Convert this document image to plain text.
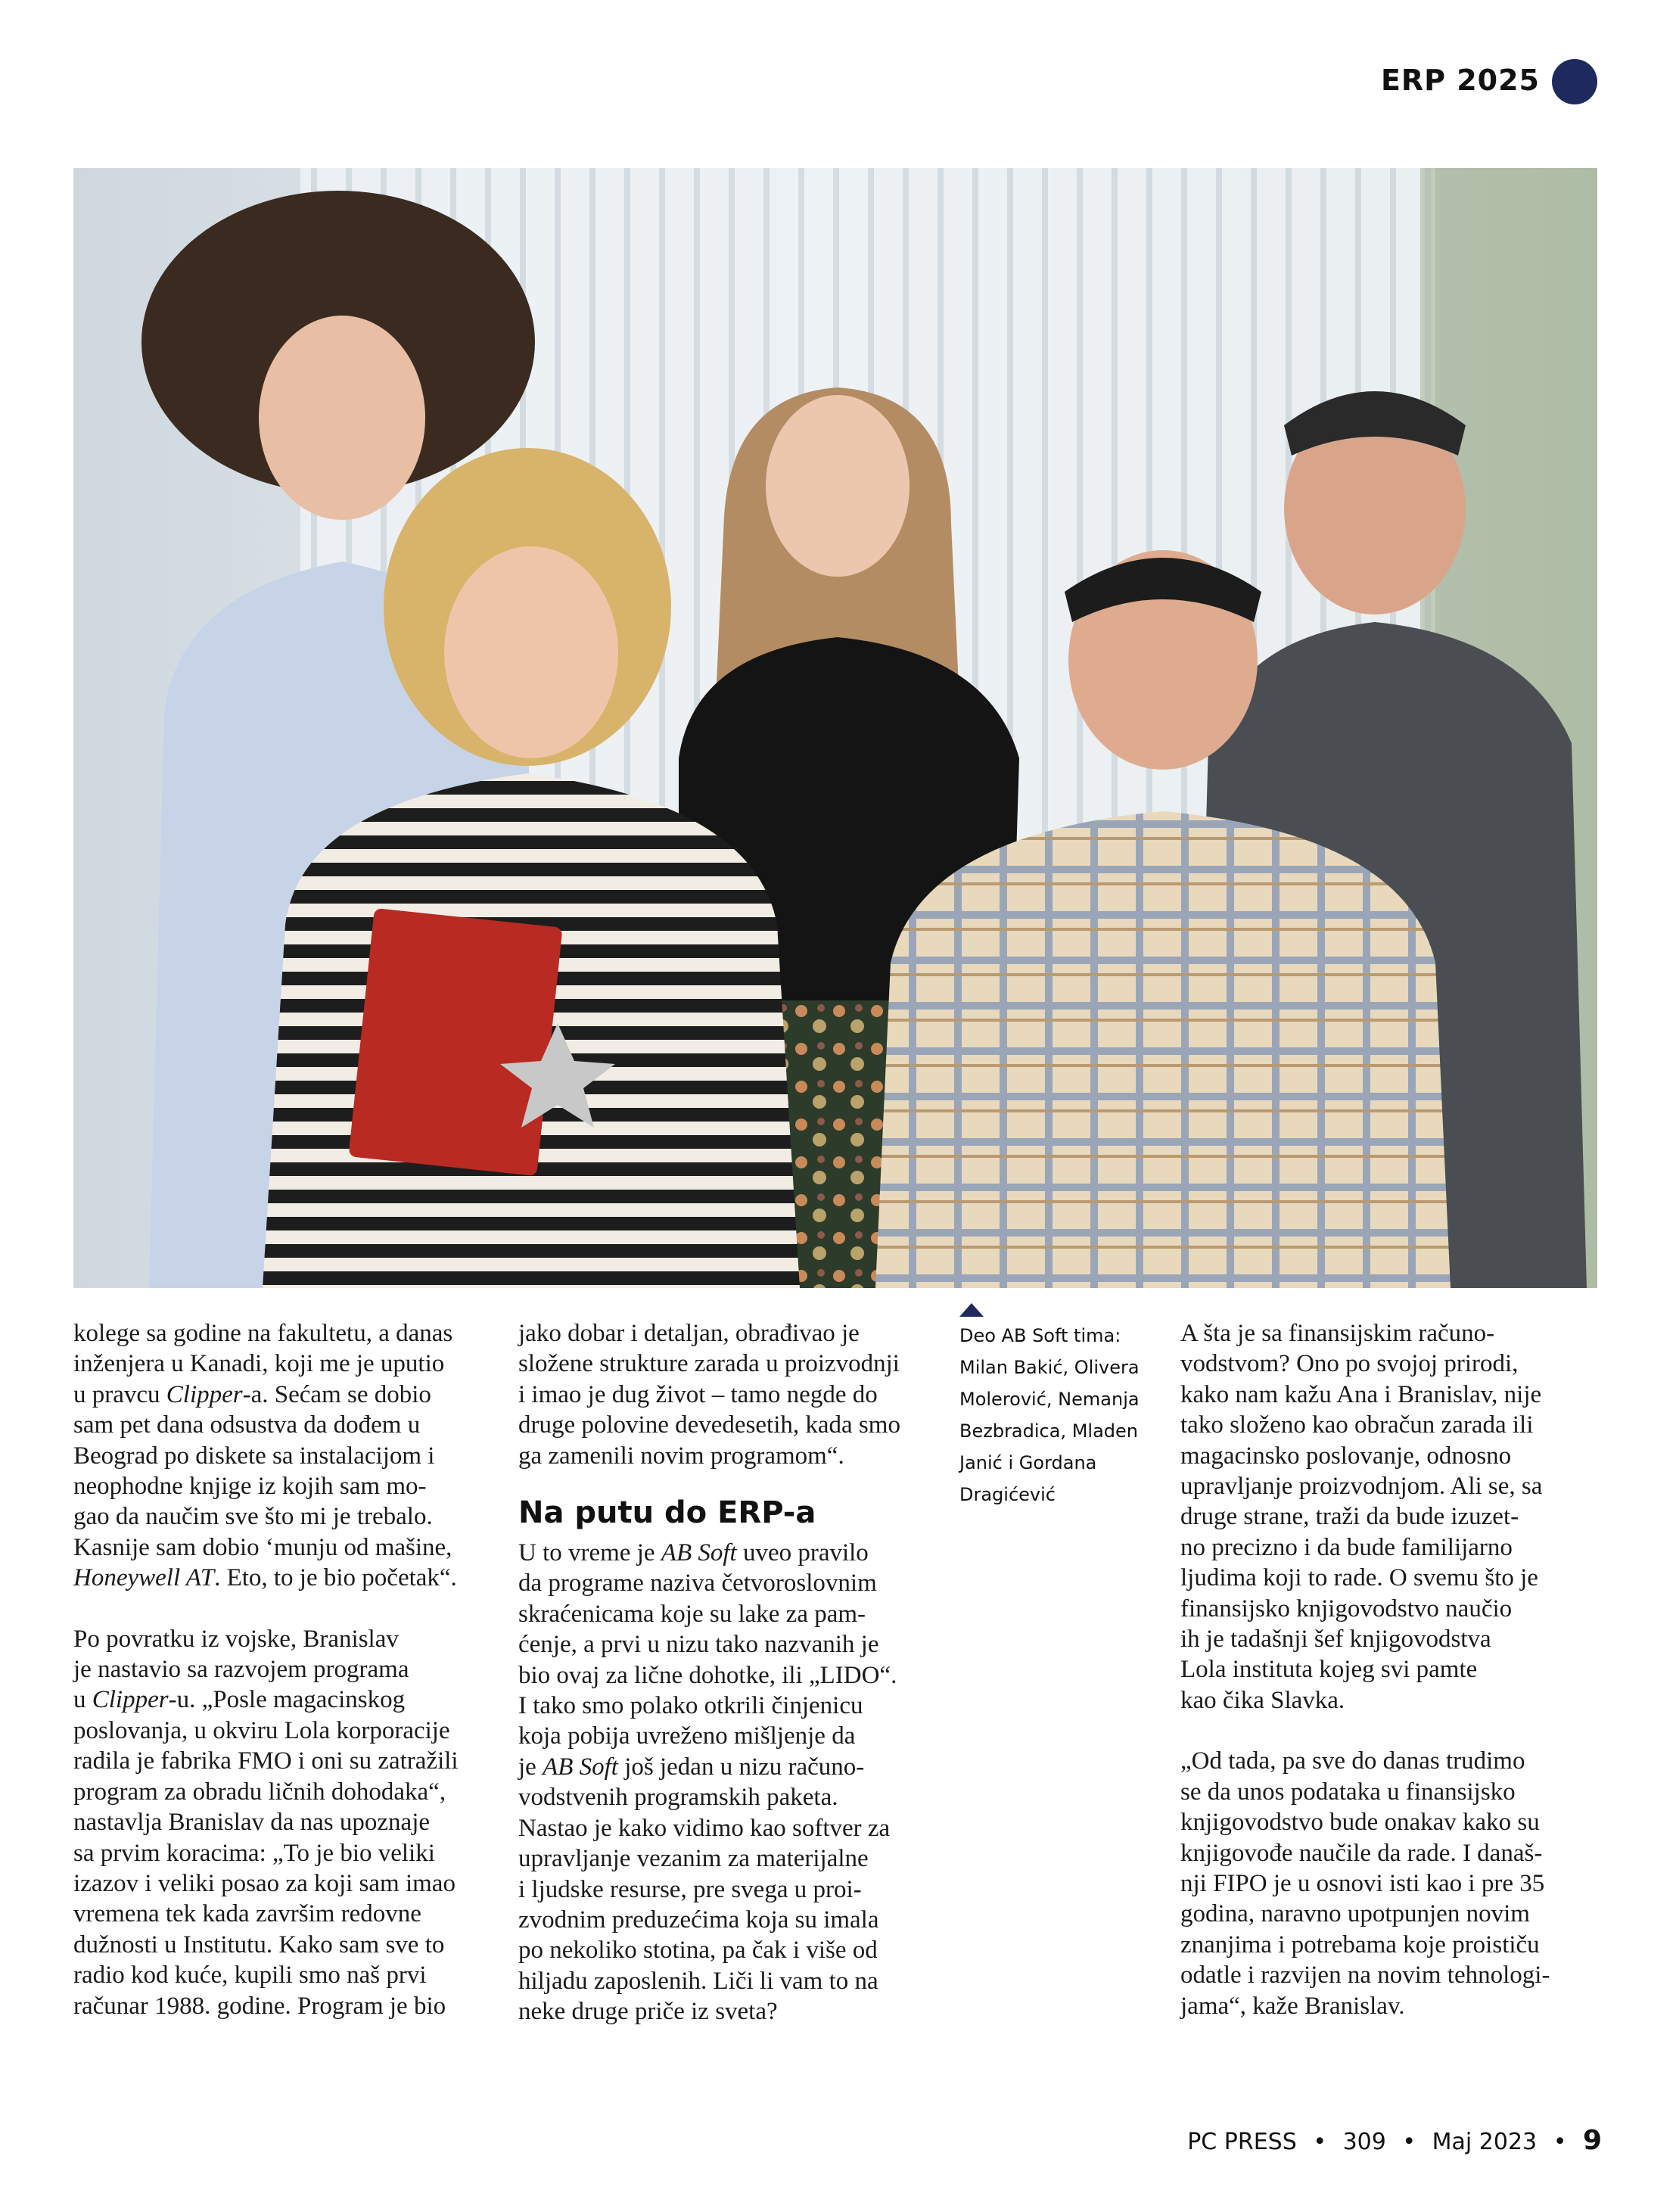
ERP 2025

kolege sa godine na fakultetu, a danas
inženjera u Kanadi, koji me je uputio
u pravcu Clipper-a. Sećam se dobio
sam pet dana odsustva da dođem u
Beograd po diskete sa instalacijom i
neophodne knjige iz kojih sam mo-
gao da naučim sve što mi je trebalo.
Kasnije sam dobio ‘munju od mašine,
Honeywell AT. Eto, to je bio početak“.

Po povratku iz vojske, Branislav
je nastavio sa razvojem programa
u Clipper-u. „Posle magacinskog
poslovanja, u okviru Lola korporacije
radila je fabrika FMO i oni su zatražili
program za obradu ličnih dohodaka“,
nastavlja Branislav da nas upoznaje
sa prvim koracima: „To je bio veliki
izazov i veliki posao za koji sam imao
vremena tek kada završim redovne
dužnosti u Institutu. Kako sam sve to
radio kod kuće, kupili smo naš prvi
računar 1988. godine. Program je bio

jako dobar i detaljan, obrađivao je
složene strukture zarada u proizvodnji
i imao je dug život – tamo negde do
druge polovine devedesetih, kada smo
ga zamenili novim programom“.

Na putu do ERP-a

U to vreme je AB Soft uveo pravilo
da programe naziva četvoroslovnim
skraćenicama koje su lake za pam-
ćenje, a prvi u nizu tako nazvanih je
bio ovaj za lične dohotke, ili „LIDO“.
I tako smo polako otkrili činjenicu
koja pobija uvreženo mišljenje da
je AB Soft još jedan u nizu računo-
vodstvenih programskih paketa.
Nastao je kako vidimo kao softver za
upravljanje vezanim za materijalne
i ljudske resurse, pre svega u proi-
zvodnim preduzećima koja su imala
po nekoliko stotina, pa čak i više od
hiljadu zaposlenih. Liči li vam to na
neke druge priče iz sveta?

Deo AB Soft tima:
Milan Bakić, Olivera
Molerović, Nemanja
Bezbradica, Mladen
Janić i Gordana
Dragićević

A šta je sa finansijskim računo-
vodstvom? Ono po svojoj prirodi,
kako nam kažu Ana i Branislav, nije
tako složeno kao obračun zarada ili
magacinsko poslovanje, odnosno
upravljanje proizvodnjom. Ali se, sa
druge strane, traži da bude izuzet-
no precizno i da bude familijarno
ljudima koji to rade. O svemu što je
finansijsko knjigovodstvo naučio
ih je tadašnji šef knjigovodstva
Lola instituta kojeg svi pamte
kao čika Slavka.

„Od tada, pa sve do danas trudimo
se da unos podataka u finansijsko
knjigovodstvo bude onakav kako su
knjigovođe naučile da rade. I današ-
nji FIPO je u osnovi isti kao i pre 35
godina, naravno upotpunjen novim
znanjima i potrebama koje proističu
odatle i razvijen na novim tehnologi-
jama“, kaže Branislav.

PC PRESS • 309 • Maj 2023 • 9
